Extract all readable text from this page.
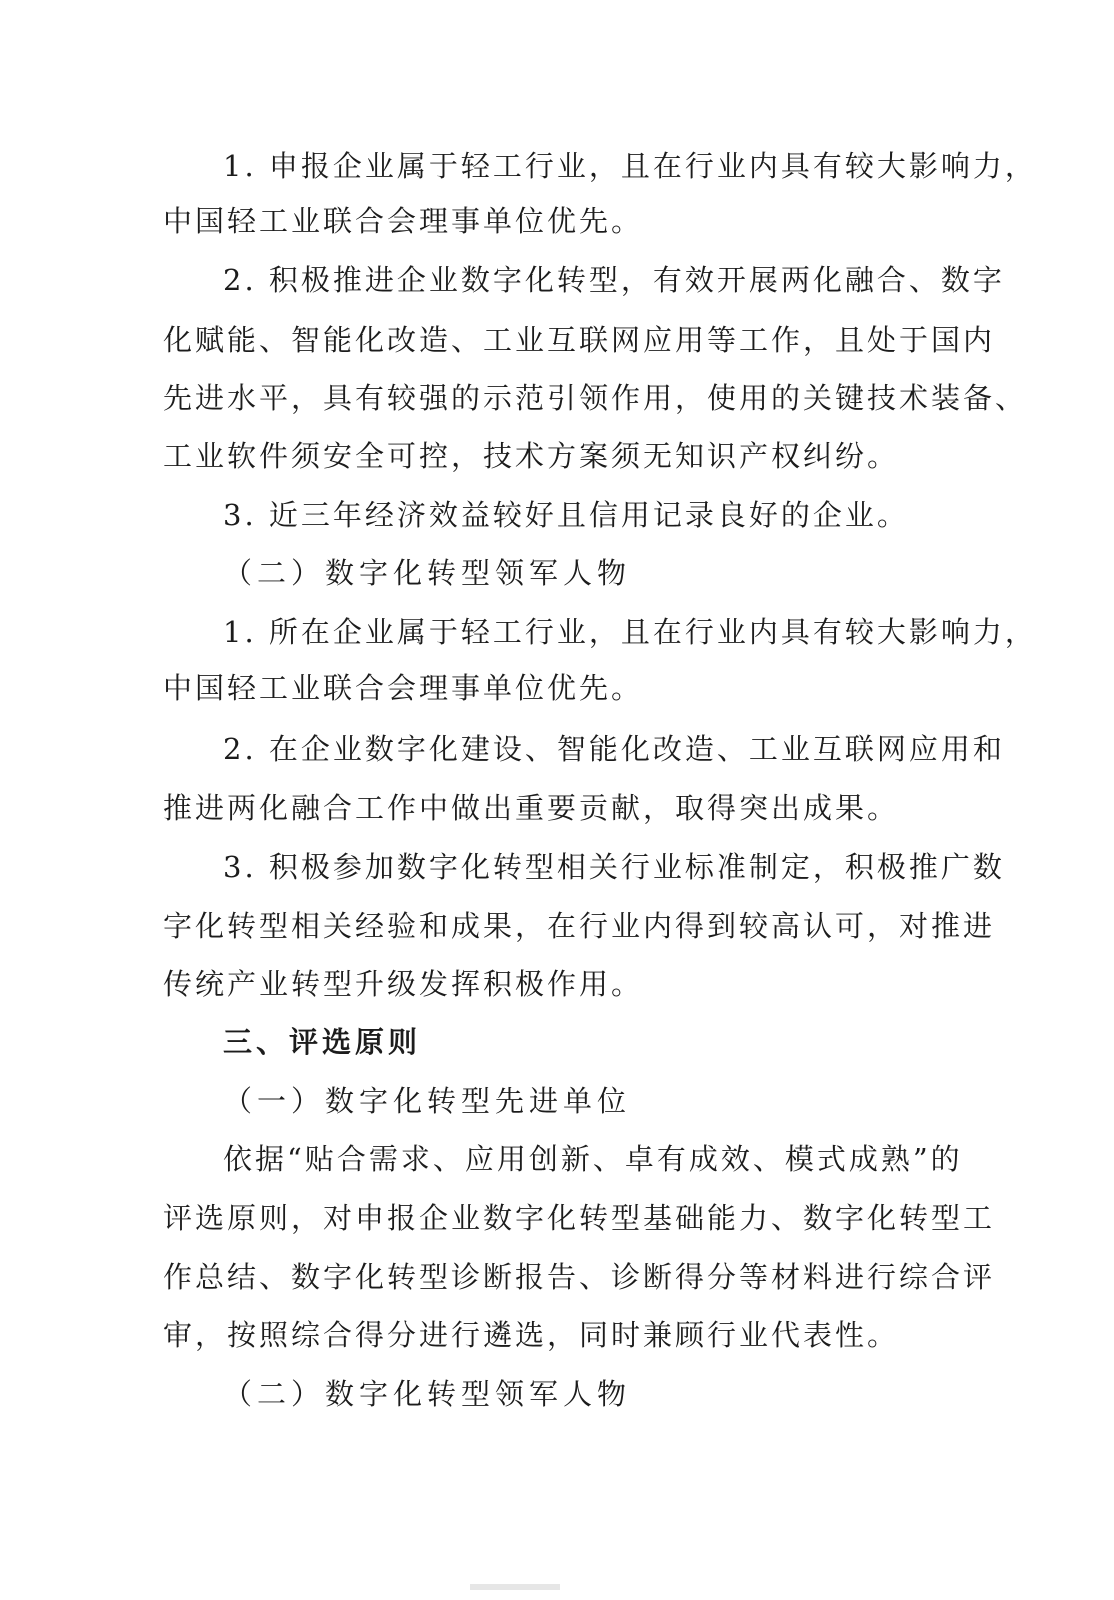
1. 申报企业属于轻工行业，且在行业内具有较大影响力，
中国轻工业联合会理事单位优先。
2. 积极推进企业数字化转型，有效开展两化融合、数字
化赋能、智能化改造、工业互联网应用等工作，且处于国内
先进水平，具有较强的示范引领作用，使用的关键技术装备、
工业软件须安全可控，技术方案须无知识产权纠纷。
3. 近三年经济效益较好且信用记录良好的企业。
（二）数字化转型领军人物
1. 所在企业属于轻工行业，且在行业内具有较大影响力，
中国轻工业联合会理事单位优先。
2. 在企业数字化建设、智能化改造、工业互联网应用和
推进两化融合工作中做出重要贡献，取得突出成果。
3. 积极参加数字化转型相关行业标准制定，积极推广数
字化转型相关经验和成果，在行业内得到较高认可，对推进
传统产业转型升级发挥积极作用。
三、评选原则
（一）数字化转型先进单位
依据“贴合需求、应用创新、卓有成效、模式成熟”的
评选原则，对申报企业数字化转型基础能力、数字化转型工
作总结、数字化转型诊断报告、诊断得分等材料进行综合评
审，按照综合得分进行遴选，同时兼顾行业代表性。
（二）数字化转型领军人物
